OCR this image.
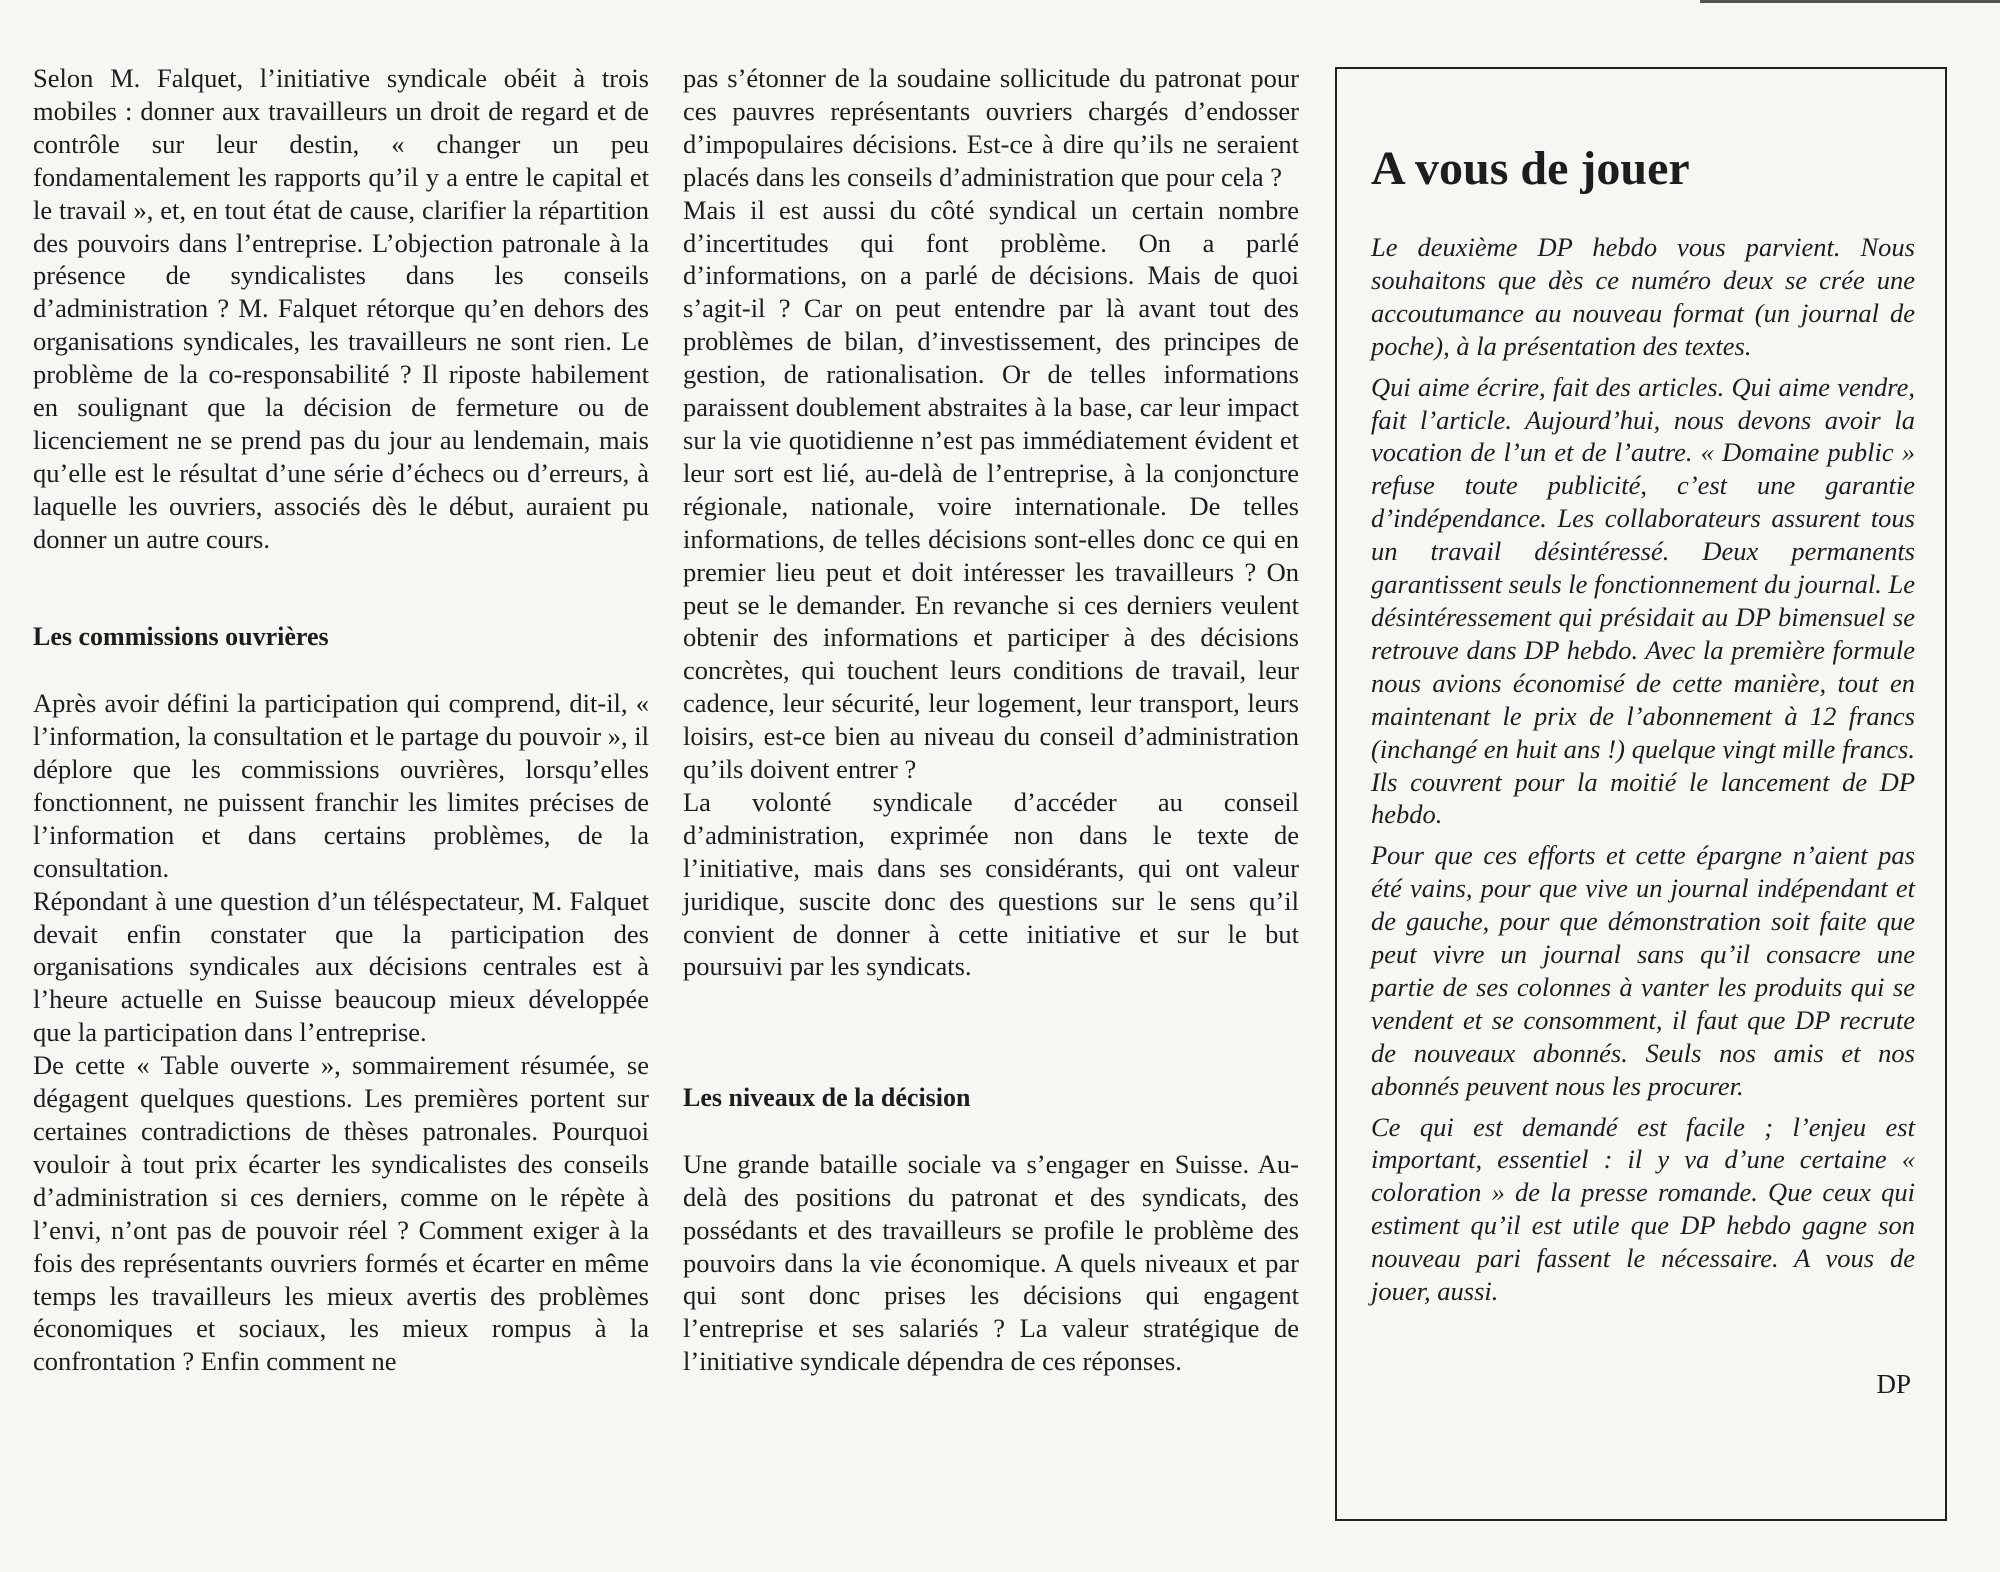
Selon M. Falquet, l’initiative syndicale obéit à trois mobiles : donner aux travailleurs un droit de regard et de contrôle sur leur destin, « changer un peu fondamentalement les rapports qu’il y a entre le capital et le travail », et, en tout état de cause, clarifier la répartition des pouvoirs dans l’entreprise. L’objection patronale à la présence de syndicalistes dans les conseils d’administration ? M. Falquet rétorque qu’en dehors des organisations syndicales, les travailleurs ne sont rien. Le problème de la co-responsabilité ? Il riposte habilement en soulignant que la décision de fermeture ou de licenciement ne se prend pas du jour au lendemain, mais qu’elle est le résultat d’une série d’échecs ou d’erreurs, à laquelle les ouvriers, associés dès le début, auraient pu donner un autre cours.

Les commissions ouvrières

Après avoir défini la participation qui comprend, dit-il, « l’information, la consultation et le partage du pouvoir », il déplore que les commissions ouvrières, lorsqu’elles fonctionnent, ne puissent franchir les limites précises de l’information et dans certains problèmes, de la consultation.

Répondant à une question d’un téléspectateur, M. Falquet devait enfin constater que la participation des organisations syndicales aux décisions centrales est à l’heure actuelle en Suisse beaucoup mieux développée que la participation dans l’entreprise.

De cette « Table ouverte », sommairement résumée, se dégagent quelques questions. Les premières portent sur certaines contradictions de thèses patronales. Pourquoi vouloir à tout prix écarter les syndicalistes des conseils d’administration si ces derniers, comme on le répète à l’envi, n’ont pas de pouvoir réel ? Comment exiger à la fois des représentants ouvriers formés et écarter en même temps les travailleurs les mieux avertis des problèmes économiques et sociaux, les mieux rompus à la confrontation ? Enfin comment ne

pas s’étonner de la soudaine sollicitude du patronat pour ces pauvres représentants ouvriers chargés d’endosser d’impopulaires décisions. Est-ce à dire qu’ils ne seraient placés dans les conseils d’administration que pour cela ?

Mais il est aussi du côté syndical un certain nombre d’incertitudes qui font problème. On a parlé d’informations, on a parlé de décisions. Mais de quoi s’agit-il ? Car on peut entendre par là avant tout des problèmes de bilan, d’investissement, des principes de gestion, de rationalisation. Or de telles informations paraissent doublement abstraites à la base, car leur impact sur la vie quotidienne n’est pas immédiatement évident et leur sort est lié, au-delà de l’entreprise, à la conjoncture régionale, nationale, voire internationale. De telles informations, de telles décisions sont-elles donc ce qui en premier lieu peut et doit intéresser les travailleurs ? On peut se le demander. En revanche si ces derniers veulent obtenir des informations et participer à des décisions concrètes, qui touchent leurs conditions de travail, leur cadence, leur sécurité, leur logement, leur transport, leurs loisirs, est-ce bien au niveau du conseil d’administration qu’ils doivent entrer ?

La volonté syndicale d’accéder au conseil d’administration, exprimée non dans le texte de l’initiative, mais dans ses considérants, qui ont valeur juridique, suscite donc des questions sur le sens qu’il convient de donner à cette initiative et sur le but poursuivi par les syndicats.

Les niveaux de la décision

Une grande bataille sociale va s’engager en Suisse. Au-delà des positions du patronat et des syndicats, des possédants et des travailleurs se profile le problème des pouvoirs dans la vie économique. A quels niveaux et par qui sont donc prises les décisions qui engagent l’entreprise et ses salariés ? La valeur stratégique de l’initiative syndicale dépendra de ces réponses.

A vous de jouer

Le deuxième DP hebdo vous parvient. Nous souhaitons que dès ce numéro deux se crée une accoutumance au nouveau format (un journal de poche), à la présentation des textes.

Qui aime écrire, fait des articles. Qui aime vendre, fait l’article. Aujourd’hui, nous devons avoir la vocation de l’un et de l’autre. « Domaine public » refuse toute publicité, c’est une garantie d’indépendance. Les collaborateurs assurent tous un travail désintéressé. Deux permanents garantissent seuls le fonctionnement du journal. Le désintéressement qui présidait au DP bimensuel se retrouve dans DP hebdo. Avec la première formule nous avions économisé de cette manière, tout en maintenant le prix de l’abonnement à 12 francs (inchangé en huit ans !) quelque vingt mille francs. Ils couvrent pour la moitié le lancement de DP hebdo.

Pour que ces efforts et cette épargne n’aient pas été vains, pour que vive un journal indépendant et de gauche, pour que démonstration soit faite que peut vivre un journal sans qu’il consacre une partie de ses colonnes à vanter les produits qui se vendent et se consomment, il faut que DP recrute de nouveaux abonnés. Seuls nos amis et nos abonnés peuvent nous les procurer.

Ce qui est demandé est facile ; l’enjeu est important, essentiel : il y va d’une certaine « coloration » de la presse romande. Que ceux qui estiment qu’il est utile que DP hebdo gagne son nouveau pari fassent le nécessaire. A vous de jouer, aussi.

DP
